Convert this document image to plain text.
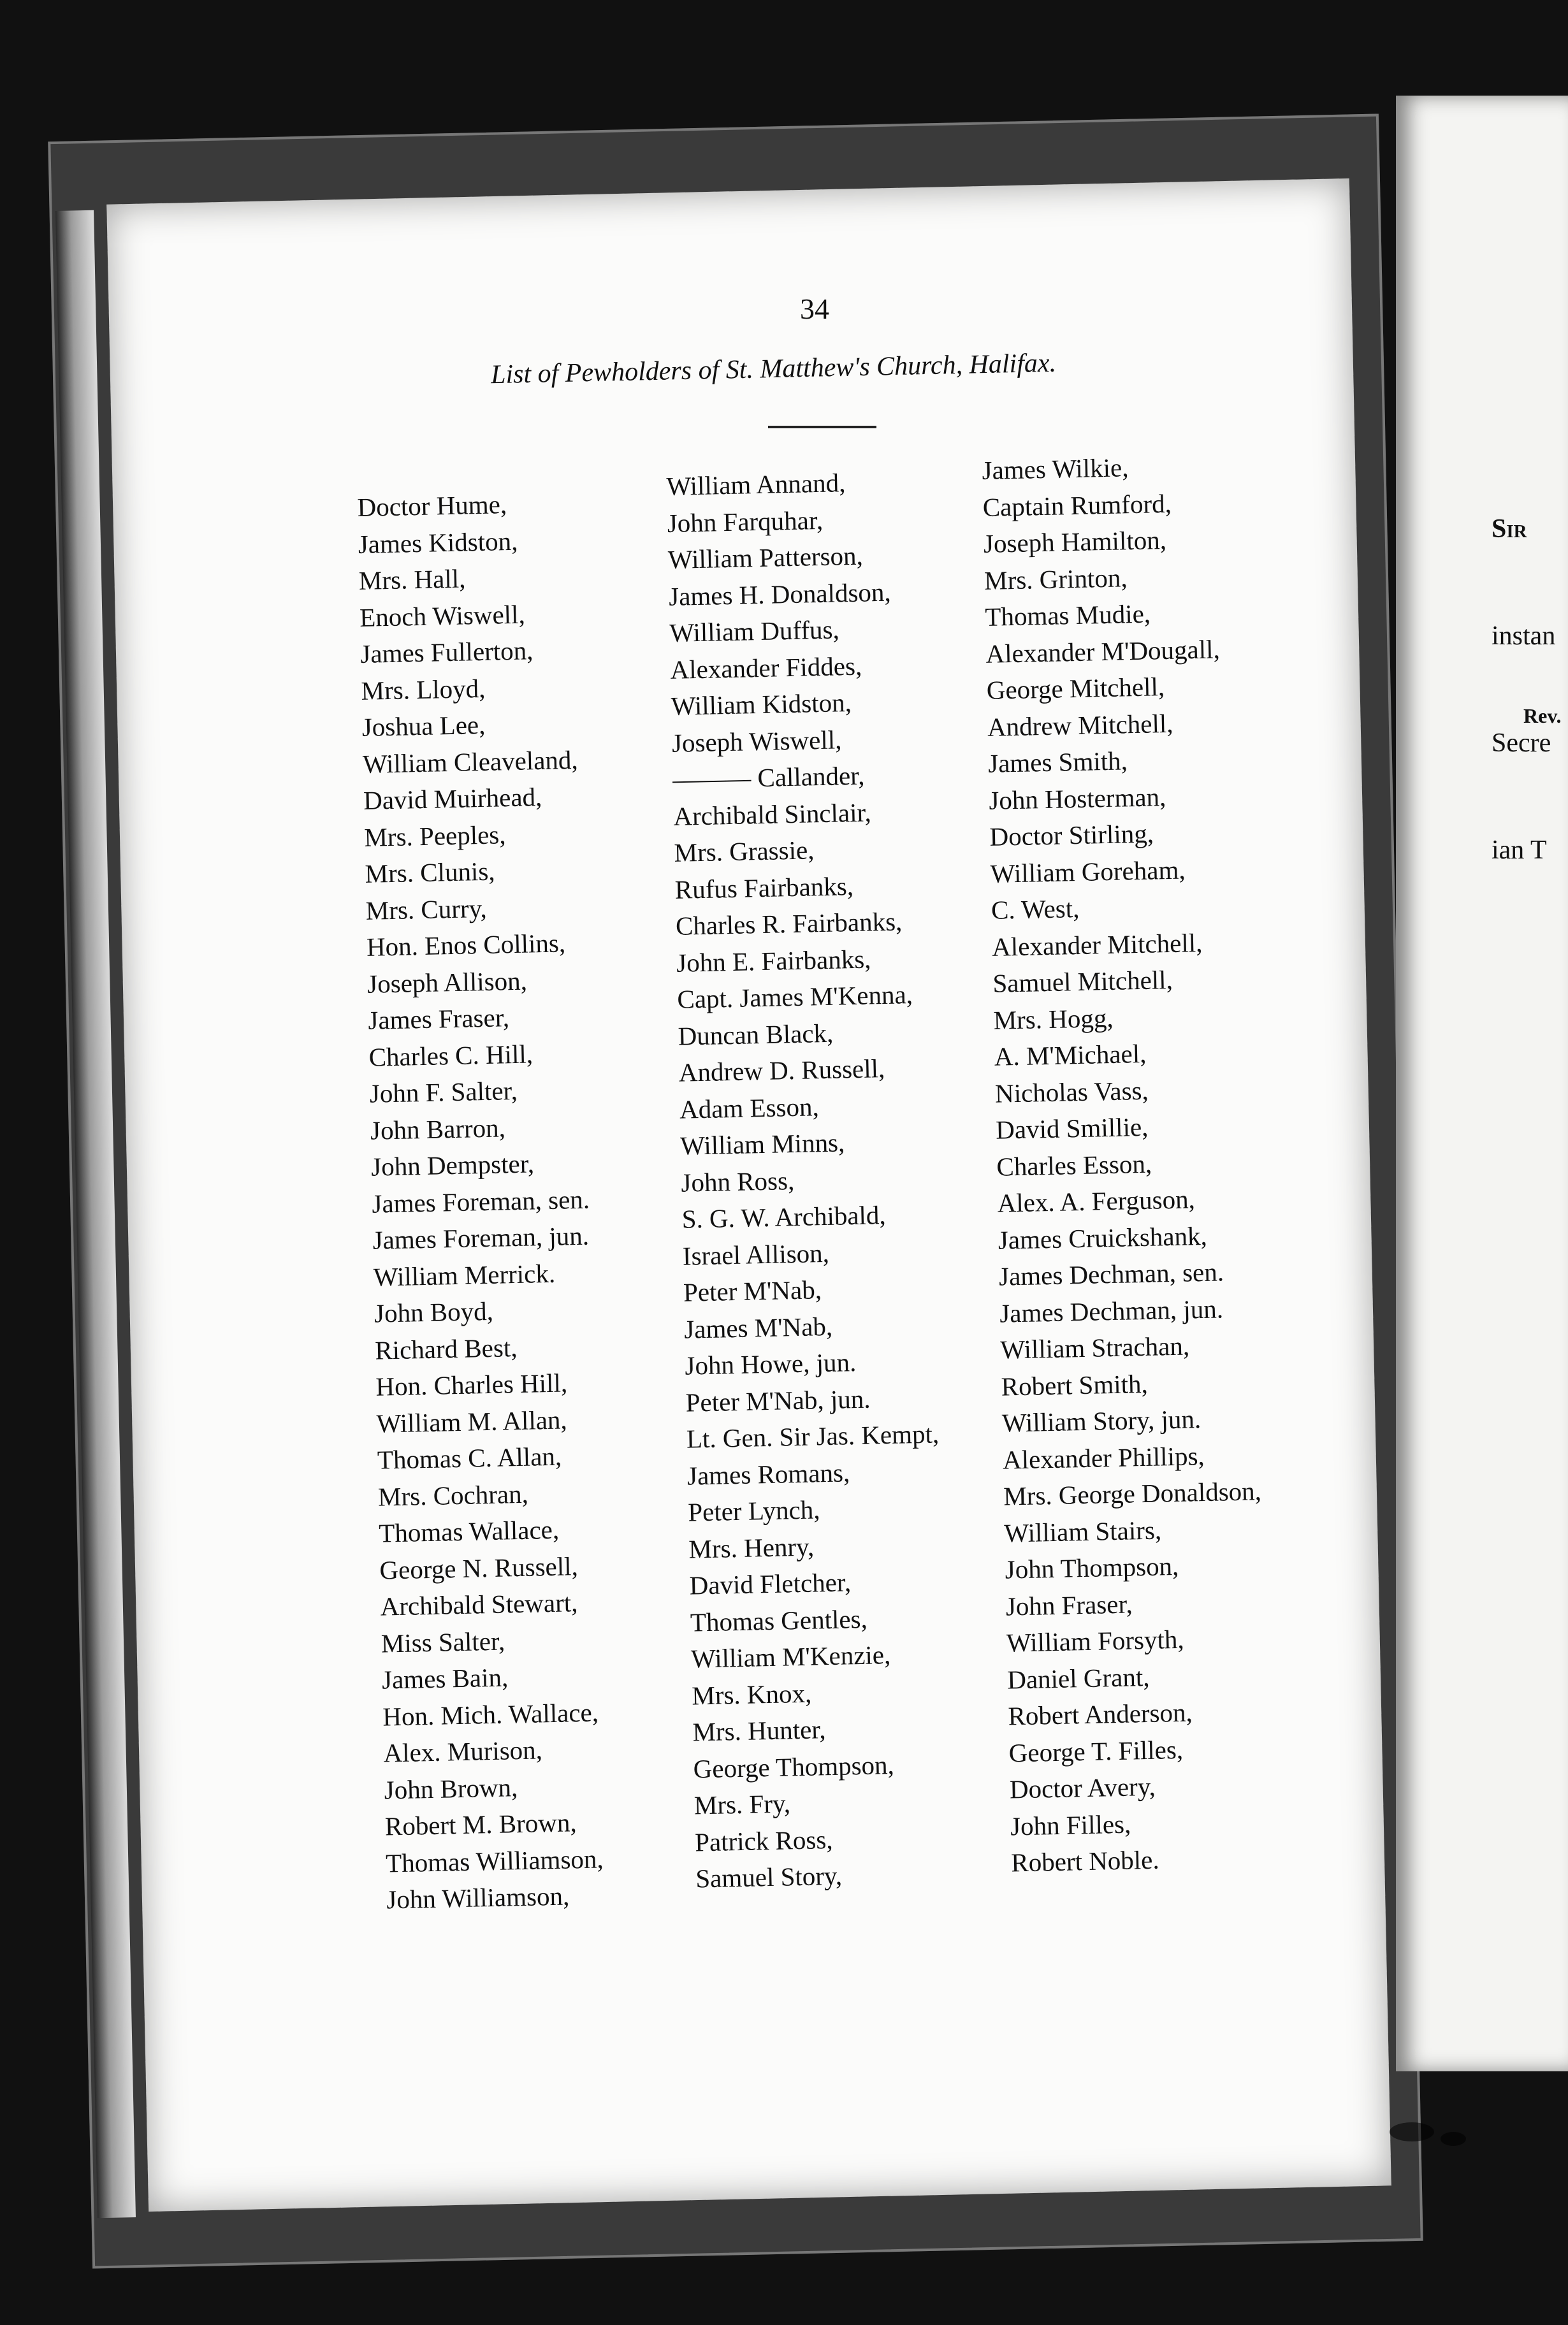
Sir

instan

Secre

ian T

Rev.
34
List of Pewholders of St. Matthew's Church, Halifax.
Doctor Hume,
James Kidston,
Mrs. Hall,
Enoch Wiswell,
James Fullerton,
Mrs. Lloyd,
Joshua Lee,
William Cleaveland,
David Muirhead,
Mrs. Peeples,
Mrs. Clunis,
Mrs. Curry,
Hon. Enos Collins,
Joseph Allison,
James Fraser,
Charles C. Hill,
John F. Salter,
John Barron,
John Dempster,
James Foreman, sen.
James Foreman, jun.
William Merrick.
John Boyd,
Richard Best,
Hon. Charles Hill,
William M. Allan,
Thomas C. Allan,
Mrs. Cochran,
Thomas Wallace,
George N. Russell,
Archibald Stewart,
Miss Salter,
James Bain,
Hon. Mich. Wallace,
Alex. Murison,
John Brown,
Robert M. Brown,
Thomas Williamson,
John Williamson,
William Annand,
John Farquhar,
William Patterson,
James H. Donaldson,
William Duffus,
Alexander Fiddes,
William Kidston,
Joseph Wiswell,
——— Callander,
Archibald Sinclair,
Mrs. Grassie,
Rufus Fairbanks,
Charles R. Fairbanks,
John E. Fairbanks,
Capt. James M'Kenna,
Duncan Black,
Andrew D. Russell,
Adam Esson,
William Minns,
John Ross,
S. G. W. Archibald,
Israel Allison,
Peter M'Nab,
James M'Nab,
John Howe, jun.
Peter M'Nab, jun.
Lt. Gen. Sir Jas. Kempt,
James Romans,
Peter Lynch,
Mrs. Henry,
David Fletcher,
Thomas Gentles,
William M'Kenzie,
Mrs. Knox,
Mrs. Hunter,
George Thompson,
Mrs. Fry,
Patrick Ross,
Samuel Story,
James Wilkie,
Captain Rumford,
Joseph Hamilton,
Mrs. Grinton,
Thomas Mudie,
Alexander M'Dougall,
George Mitchell,
Andrew Mitchell,
James Smith,
John Hosterman,
Doctor Stirling,
William Goreham,
C. West,
Alexander Mitchell,
Samuel Mitchell,
Mrs. Hogg,
A. M'Michael,
Nicholas Vass,
David Smillie,
Charles Esson,
Alex. A. Ferguson,
James Cruickshank,
James Dechman, sen.
James Dechman, jun.
William Strachan,
Robert Smith,
William Story, jun.
Alexander Phillips,
Mrs. George Donaldson,
William Stairs,
John Thompson,
John Fraser,
William Forsyth,
Daniel Grant,
Robert Anderson,
George T. Filles,
Doctor Avery,
John Filles,
Robert Noble.
